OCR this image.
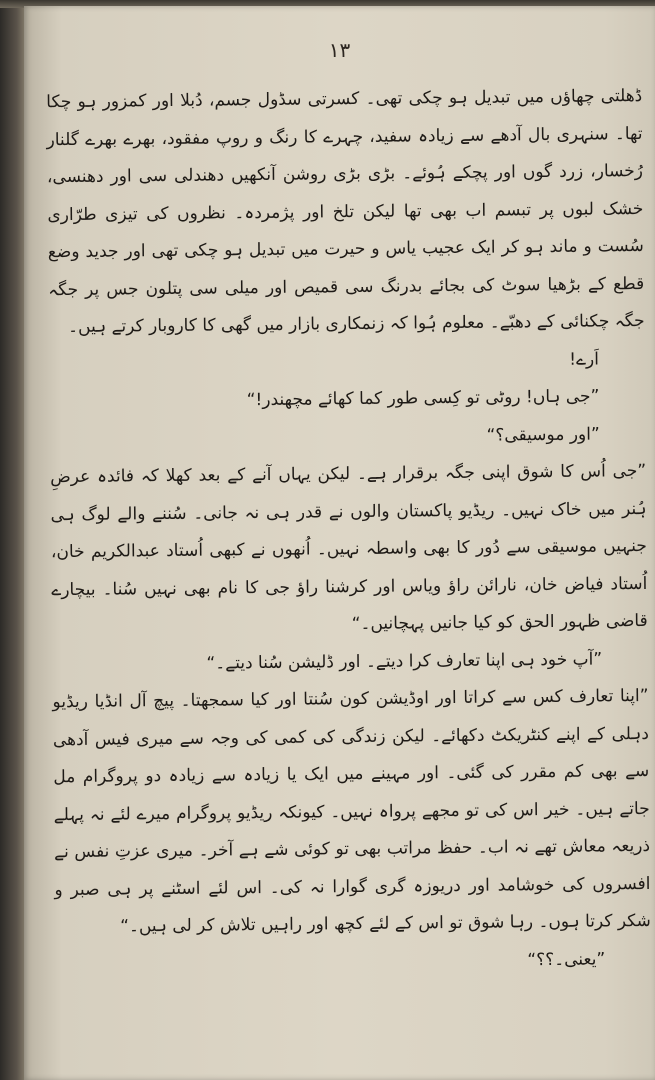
۱۳

ڈھلتی چھاؤں میں تبدیل ہو چکی تھی۔ کسرتی سڈول جسم، دُبلا اور کمزور ہو چکا تھا۔ سنہری بال آدھے سے زیادہ سفید، چہرے کا رنگ و روپ مفقود، بھرے بھرے گلنار رُخسار، زرد گوں اور پچکے ہُوئے۔ بڑی بڑی روشن آنکھیں دھندلی سی اور دھنسی، خشک لبوں پر تبسم اب بھی تھا لیکن تلخ اور پژمردہ۔ نظروں کی تیزی طرّاری سُست و ماند ہو کر ایک عجیب یاس و حیرت میں تبدیل ہو چکی تھی اور جدید وضع قطع کے بڑھیا سوٹ کی بجائے بدرنگ سی قمیص اور میلی سی پتلون جس پر جگہ جگہ چکنائی کے دھبّے۔ معلوم ہُوا کہ زنمکاری بازار میں گھی کا کاروبار کرتے ہیں۔

اَرے!

”جی ہاں! روٹی تو کِسی طور کما کھائے مچھندر!“

”اور موسیقی؟“

”جی اُس کا شوق اپنی جگہ برقرار ہے۔ لیکن یہاں آنے کے بعد کھلا کہ فائدہ عرضِ ہُنر میں خاک نہیں۔ ریڈیو پاکستان والوں نے قدر ہی نہ جانی۔ سُننے والے لوگ ہی جنہیں موسیقی سے دُور کا بھی واسطہ نہیں۔ اُنھوں نے کبھی اُستاد عبدالکریم خان، اُستاد فیاض خان، نارائن راؤ ویاس اور کرشنا راؤ جی کا نام بھی نہیں سُنا۔ بیچارے قاضی ظہور الحق کو کیا جانیں پہچانیں۔“

”آپ خود ہی اپنا تعارف کرا دیتے۔ اور ڈلیشن سُنا دیتے۔“

”اپنا تعارف کس سے کراتا اور اوڈیشن کون سُنتا اور کیا سمجھتا۔ پیچ آل انڈیا ریڈیو دہلی کے اپنے کنٹریکٹ دکھائے۔ لیکن زندگی کی کمی کی وجہ سے میری فیس آدھی سے بھی کم مقرر کی گئی۔ اور مہینے میں ایک یا زیادہ سے زیادہ دو پروگرام مل جاتے ہیں۔ خیر اس کی تو مجھے پرواہ نہیں۔ کیونکہ ریڈیو پروگرام میرے لئے نہ پہلے ذریعہ معاش تھے نہ اب۔ حفظ مراتب بھی تو کوئی شے ہے آخر۔ میری عزتِ نفس نے افسروں کی خوشامد اور دریوزہ گری گوارا نہ کی۔ اس لئے اسٹنے پر ہی صبر و شکر کرتا ہوں۔ رہا شوق تو اس کے لئے کچھ اور راہیں تلاش کر لی ہیں۔“

”یعنی۔؟؟“
